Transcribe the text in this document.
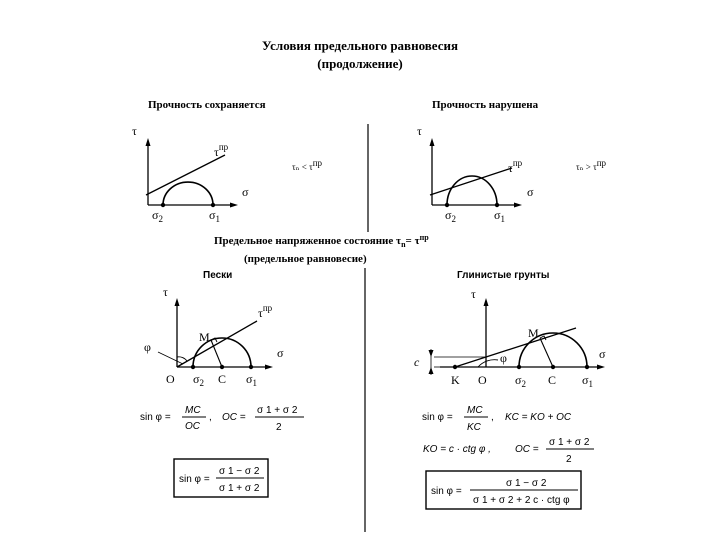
Условия предельного равновесия
(продолжение)
Прочность сохраняется	Прочность нарушена
τ
$\tau^{пр}$
σ
$\sigma_2$	$\sigma_1$
τₙ < τпр
τ
$\tau^{пр}$
σ
$\sigma_2$	$\sigma_1$
τₙ > τпр
Предельное напряженное состояние $\tau_n= \tau^{пр}$
(предельное равновесие)
Пески	Глинистые грунты
τ
$\tau^{пр}$
φ
M
σ
O $\sigma_2$ C $\sigma_1$
τ
M
φ	σ
c
K O $\sigma_2$ C $\sigma_1$
sin φ =
MC
OC
, OC =
σ 1 + σ 2
2
sin φ =
σ 1 − σ 2
σ 1 + σ 2
sin φ =
MC
KC
, KC = KO + OC
KO = c · ctg φ , OC =
σ 1 + σ 2
2
sin φ =
σ 1 − σ 2
σ 1 + σ 2 + 2 c · ctg φ
